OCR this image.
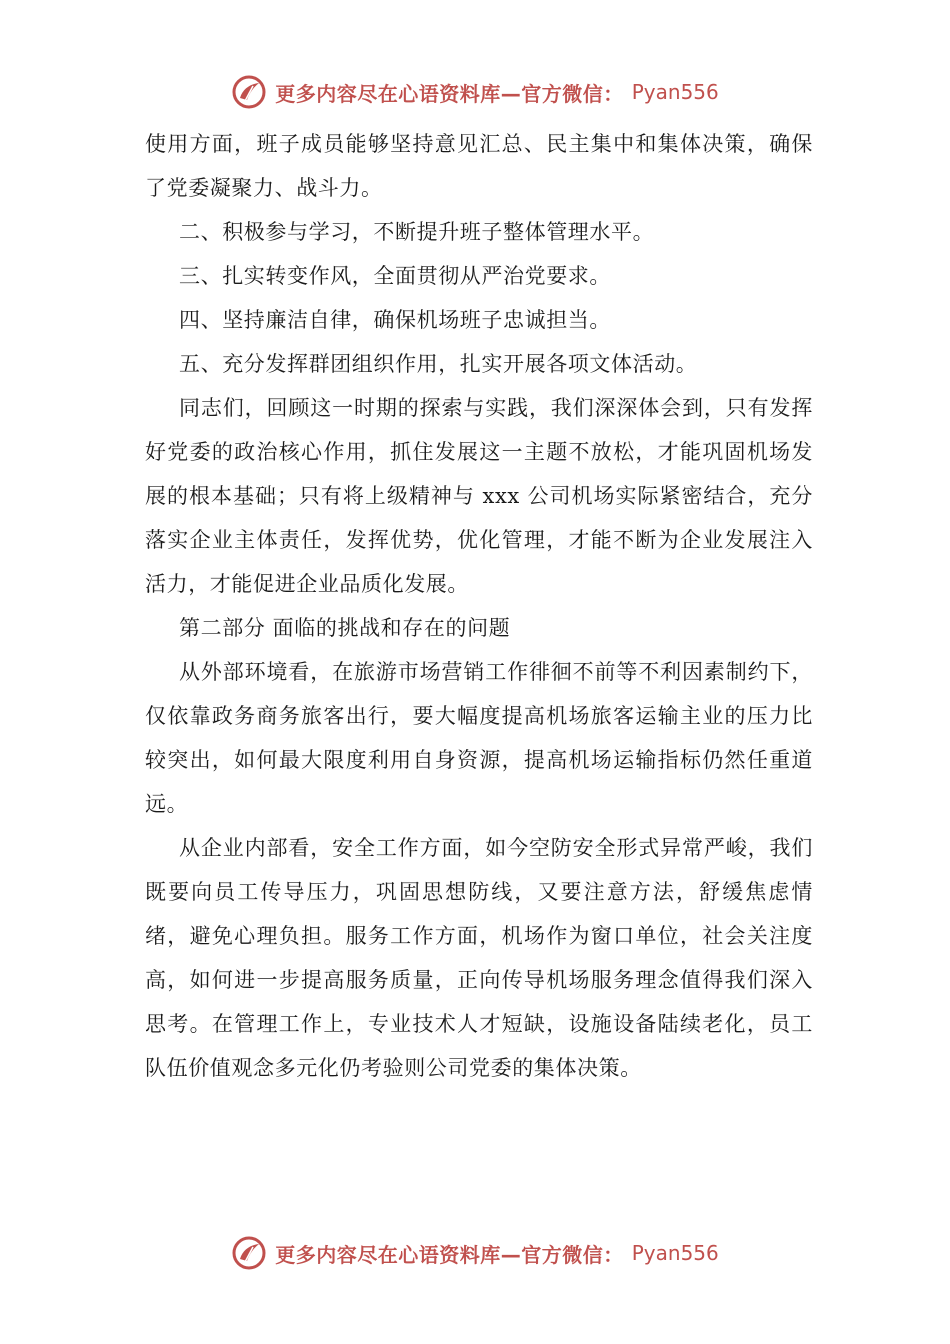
更多内容尽在心语资料库—官方微信： Pyan556

使用方面，班子成员能够坚持意见汇总、民主集中和集体决策，确保了党委凝聚力、战斗力。

二、积极参与学习，不断提升班子整体管理水平。

三、扎实转变作风，全面贯彻从严治党要求。

四、坚持廉洁自律，确保机场班子忠诚担当。

五、充分发挥群团组织作用，扎实开展各项文体活动。

同志们，回顾这一时期的探索与实践，我们深深体会到，只有发挥好党委的政治核心作用，抓住发展这一主题不放松，才能巩固机场发展的根本基础；只有将上级精神与 xxx 公司机场实际紧密结合，充分落实企业主体责任，发挥优势，优化管理，才能不断为企业发展注入活力，才能促进企业品质化发展。

第二部分 面临的挑战和存在的问题

从外部环境看，在旅游市场营销工作徘徊不前等不利因素制约下，仅依靠政务商务旅客出行，要大幅度提高机场旅客运输主业的压力比较突出，如何最大限度利用自身资源，提高机场运输指标仍然任重道远。

从企业内部看，安全工作方面，如今空防安全形式异常严峻，我们既要向员工传导压力，巩固思想防线，又要注意方法，舒缓焦虑情绪，避免心理负担。服务工作方面，机场作为窗口单位，社会关注度高，如何进一步提高服务质量，正向传导机场服务理念值得我们深入思考。在管理工作上，专业技术人才短缺，设施设备陆续老化，员工队伍价值观念多元化仍考验则公司党委的集体决策。

更多内容尽在心语资料库—官方微信： Pyan556
